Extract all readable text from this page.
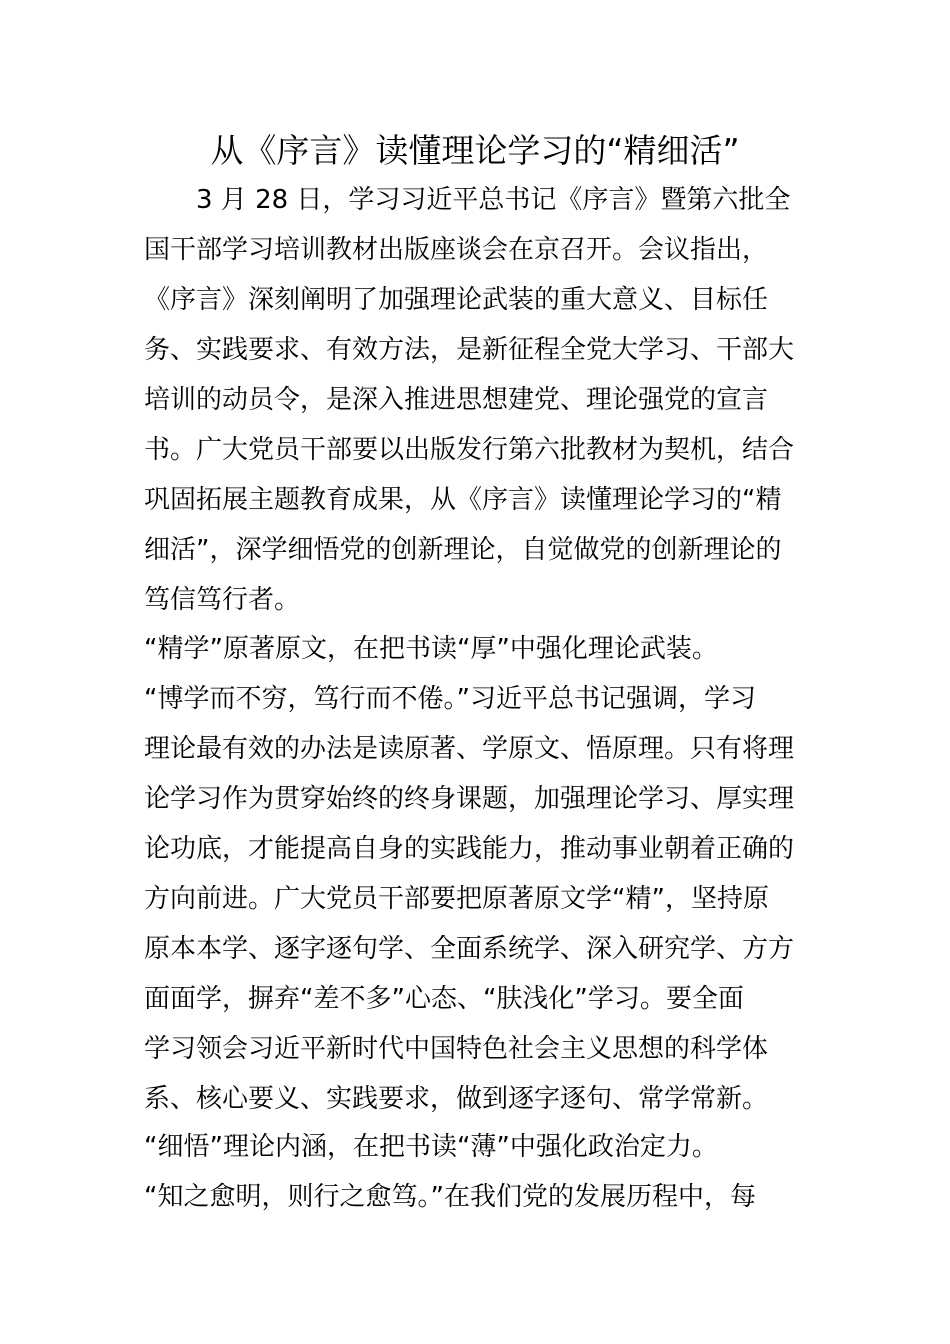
从《序言》读懂理论学习的“精细活”
　　3 月 28 日，学习习近平总书记《序言》暨第六批全
国干部学习培训教材出版座谈会在京召开。会议指出，
《序言》深刻阐明了加强理论武装的重大意义、目标任
务、实践要求、有效方法，是新征程全党大学习、干部大
培训的动员令，是深入推进思想建党、理论强党的宣言
书。广大党员干部要以出版发行第六批教材为契机，结合
巩固拓展主题教育成果，从《序言》读懂理论学习的“精
细活”，深学细悟党的创新理论，自觉做党的创新理论的
笃信笃行者。
“精学”原著原文，在把书读“厚”中强化理论武装。
“博学而不穷，笃行而不倦。”习近平总书记强调，学习
理论最有效的办法是读原著、学原文、悟原理。只有将理
论学习作为贯穿始终的终身课题，加强理论学习、厚实理
论功底，才能提高自身的实践能力，推动事业朝着正确的
方向前进。广大党员干部要把原著原文学“精”，坚持原
原本本学、逐字逐句学、全面系统学、深入研究学、方方
面面学，摒弃“差不多”心态、“肤浅化”学习。要全面
学习领会习近平新时代中国特色社会主义思想的科学体
系、核心要义、实践要求，做到逐字逐句、常学常新。
“细悟”理论内涵，在把书读“薄”中强化政治定力。
“知之愈明，则行之愈笃。”在我们党的发展历程中，每
